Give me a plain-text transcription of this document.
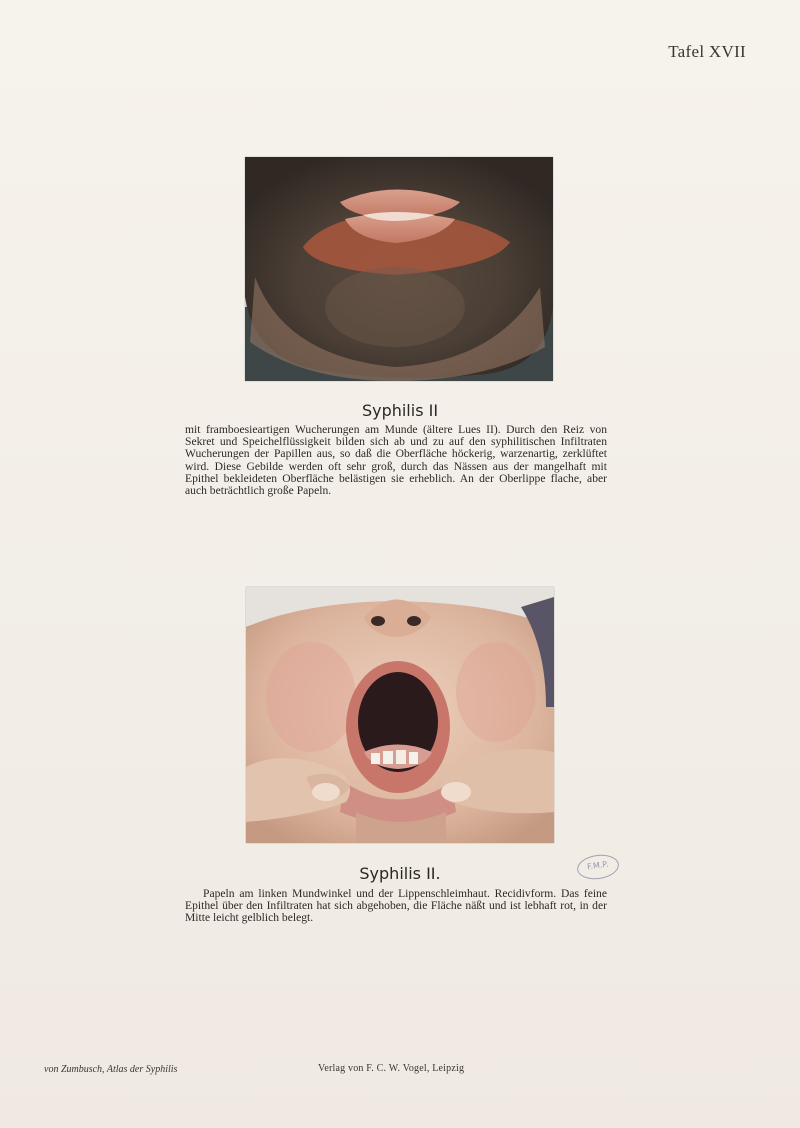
Tafel XVII
Syphilis II

mit framboesieartigen Wucherungen am Munde (ältere Lues II). Durch den Reiz von Sekret und Speichelflüssigkeit bilden sich ab und zu auf den syphilitischen Infiltraten Wucherungen der Papillen aus, so daß die Oberfläche höckerig, warzenartig, zerklüftet wird. Diese Gebilde werden oft sehr groß, durch das Nässen aus der mangelhaft mit Epithel bekleideten Oberfläche belästigen sie erheblich. An der Oberlippe flache, aber auch beträchtlich große Papeln.

Syphilis II.

Papeln am linken Mundwinkel und der Lippenschleimhaut. Recidivform. Das feine Epithel über den Infiltraten hat sich abgehoben, die Fläche näßt und ist lebhaft rot, in der Mitte leicht gelblich belegt.

F.M.P.
von Zumbusch, Atlas der Syphilis	Verlag von F. C. W. Vogel, Leipzig
